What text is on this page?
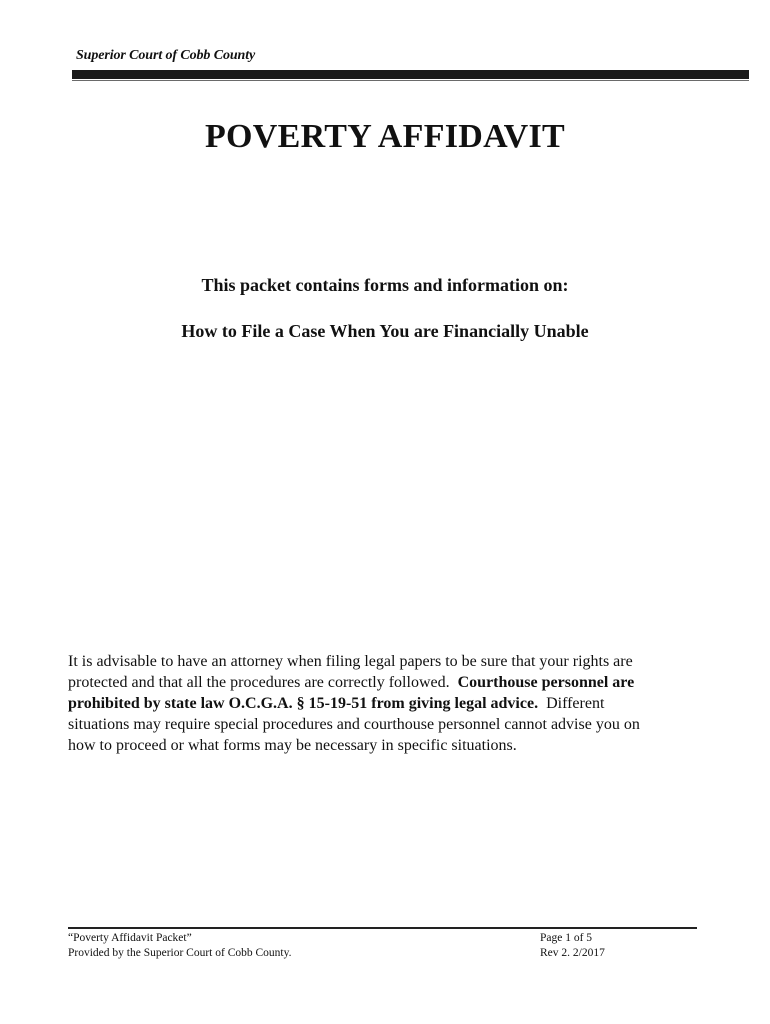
Superior Court of Cobb County
POVERTY AFFIDAVIT
This packet contains forms and information on:
How to File a Case When You are Financially Unable
It is advisable to have an attorney when filing legal papers to be sure that your rights are
protected and that all the procedures are correctly followed. Courthouse personnel are
prohibited by state law O.C.G.A. § 15-19-51 from giving legal advice. Different
situations may require special procedures and courthouse personnel cannot advise you on
how to proceed or what forms may be necessary in specific situations.
“Poverty Affidavit Packet”
Provided by the Superior Court of Cobb County.
Page 1 of 5
Rev 2. 2/2017
